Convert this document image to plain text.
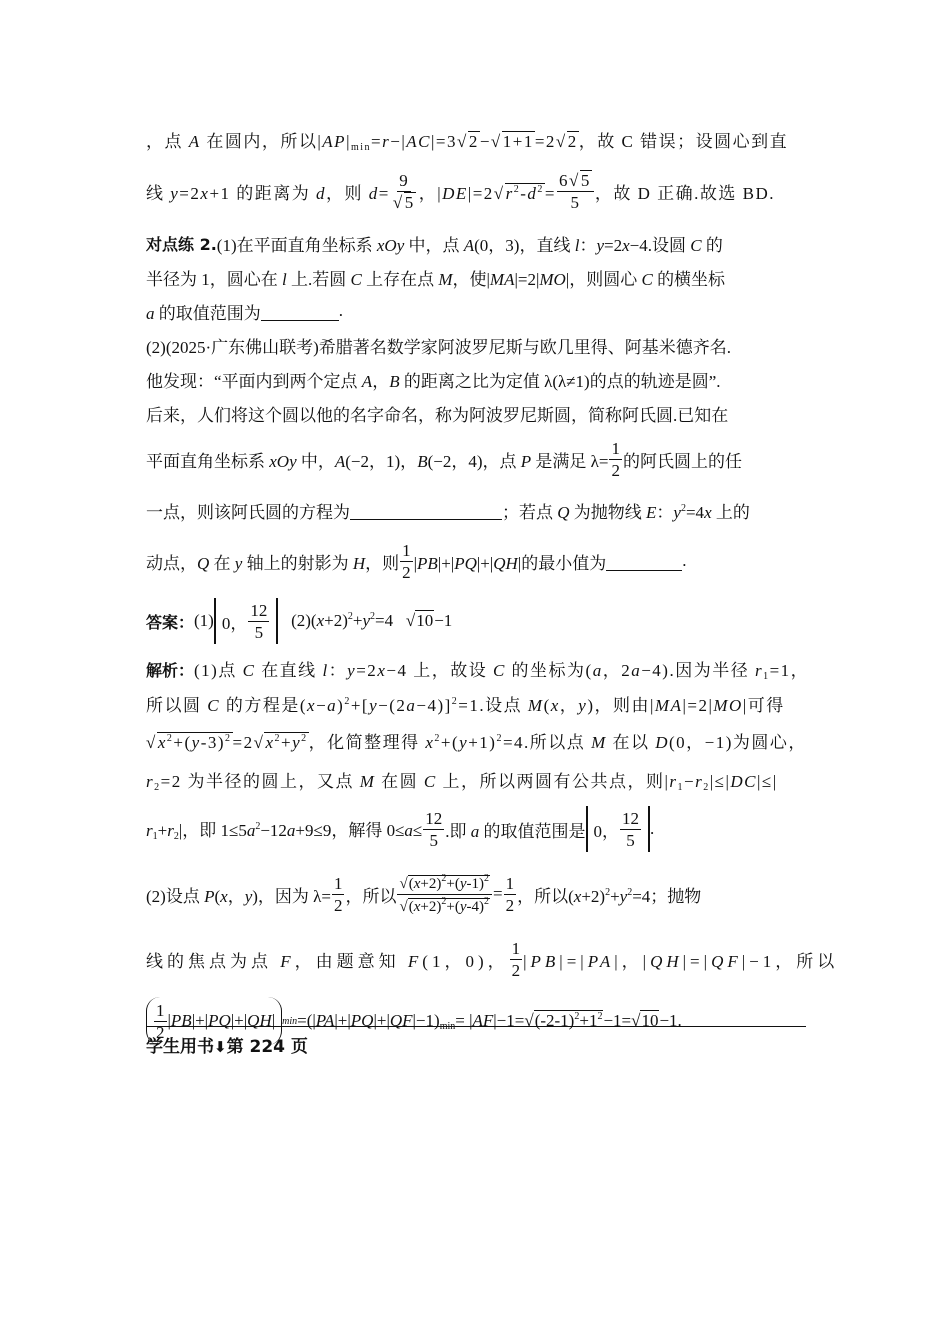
，点 A 在圆内，所以$|AP|_{min}=r-|AC|=3√2-√1+1=2√2$，故 C 错误；设圆心到直
线 y=2x+1 的距离为 d，则 $d= \frac{9}{√5}$ ，$|DE|=2√r^2-d^2= \frac{6√5}{5}$ ，故 D 正确.故选 BD.
对点练 2. (1)在平面直角坐标系 xOy 中，点 A(0，3)，直线 l：y=2x−4.设圆 C 的
半径为 1，圆心在 l 上.若圆 C 上存在点 M，使|MA|=2|MO|，则圆心 C 的横坐标
a 的取值范围为	.
(2)(2025·广东佛山联考)希腊著名数学家阿波罗尼斯与欧几里得、阿基米德齐名.
他发现：“平面内到两个定点 A，B 的距离之比为定值 λ(λ≠1)的点的轨迹是圆”.
后来，人们将这个圆以他的名字命名，称为阿波罗尼斯圆，简称阿氏圆.已知在
平面直角坐标系 xOy 中，A(−2，1)，B(−2，4)，点 P 是满足 $\lambda= \frac{1}{2}$ 的阿氏圆上的任
一点，则该阿氏圆的方程为	；若点 Q 为抛物线 E：$y^2=4x$ 上的
动点，Q 在 y 轴上的射影为 H，则 $\frac{1}{2} |PB|+|PQ|+|QH|$的最小值为	.
答案： (1) 0， $\frac{12}{5} (2)(x+2)^2+y^2=4$   √10−1
解析： (1)点 C 在直线 l：y=2x−4 上，故设 C 的坐标为(a，2a−4).因为半径 $r_1=1$，
所以圆 C 的方程是$(x-a)^2+[y-(2a-4)]^2=1$.设点 M(x，y)，则由|MA|=2|MO|可得
$√x^2+(y-3)^2=2√x^2+y^2$，化简整理得 $x^2+(y+1)^2=4$.所以点 M 在以 D(0，−1)为圆心，
$r_2=2$ 为半径的圆上，又点 M 在圆 C 上，所以两圆有公共点，则$|r_1-r_2|\le|DC|\le|$
$r_1+r_2|$，即 $1\le 5a^2-12a+9\le 9$，解得 $0\le a\le \frac{12}{5}$ .即 a 的取值范围是 0， $\frac{12}{5}$ .
(2)设点 P(x，y)，因为 $\lambda= \frac{1}{2}$ ，所以 $\frac{√(x+2)^2+(y-1)^2}{√(x+2)^2+(y-4)^2} = \frac{1}{2}$ ，所以$(x+2)^2+y^2=4$；抛物
线的焦点为点 F，由题意知 F(1，0)， $\frac{1}{2} |PB|=|PA|$，|QH|=|QF|−1，所以
$\frac{1}{2} |PB|+|PQ|+|QH|$ $\min =(|PA|+|PQ|+|QF|-1)_{min}= |AF|-1=√(-2-1)^2+1^2-1=√10-1$.
学生用书⬇第 224 页
